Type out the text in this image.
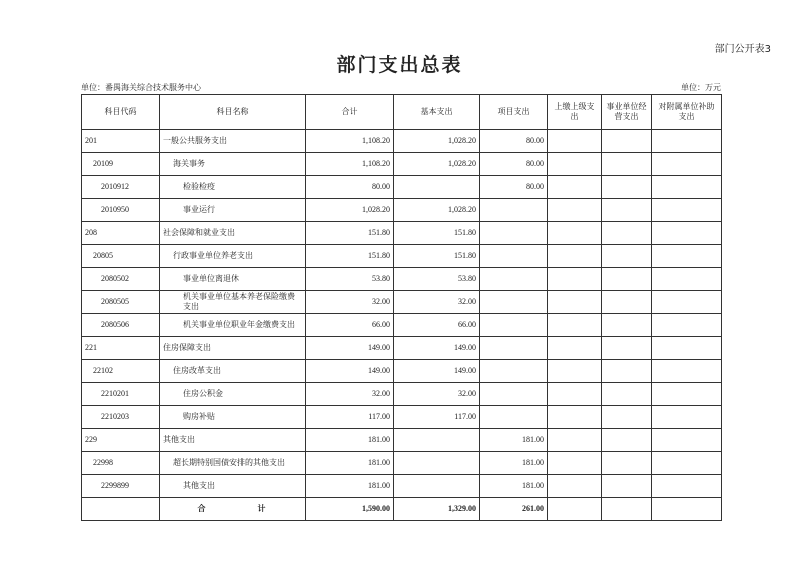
部门公开表3
部门支出总表
单位：番禺海关综合技术服务中心	单位：万元
科目代码	科目名称	合计	基本支出	项目支出	上缴上级支出	事业单位经营支出	对附属单位补助支出
201	一般公共服务支出	1,108.20	1,028.20	80.00			
20109	海关事务	1,108.20	1,028.20	80.00			
2010912	检验检疫	80.00		80.00			
2010950	事业运行	1,028.20	1,028.20				
208	社会保障和就业支出	151.80	151.80				
20805	行政事业单位养老支出	151.80	151.80				
2080502	事业单位离退休	53.80	53.80				
2080505	机关事业单位基本养老保险缴费支出	32.00	32.00				
2080506	机关事业单位职业年金缴费支出	66.00	66.00				
221	住房保障支出	149.00	149.00				
22102	住房改革支出	149.00	149.00				
2210201	住房公积金	32.00	32.00				
2210203	购房补贴	117.00	117.00				
229	其他支出	181.00		181.00			
22998	超长期特别国债安排的其他支出	181.00		181.00			
2299899	其他支出	181.00		181.00			
	合计	1,590.00	1,329.00	261.00			
